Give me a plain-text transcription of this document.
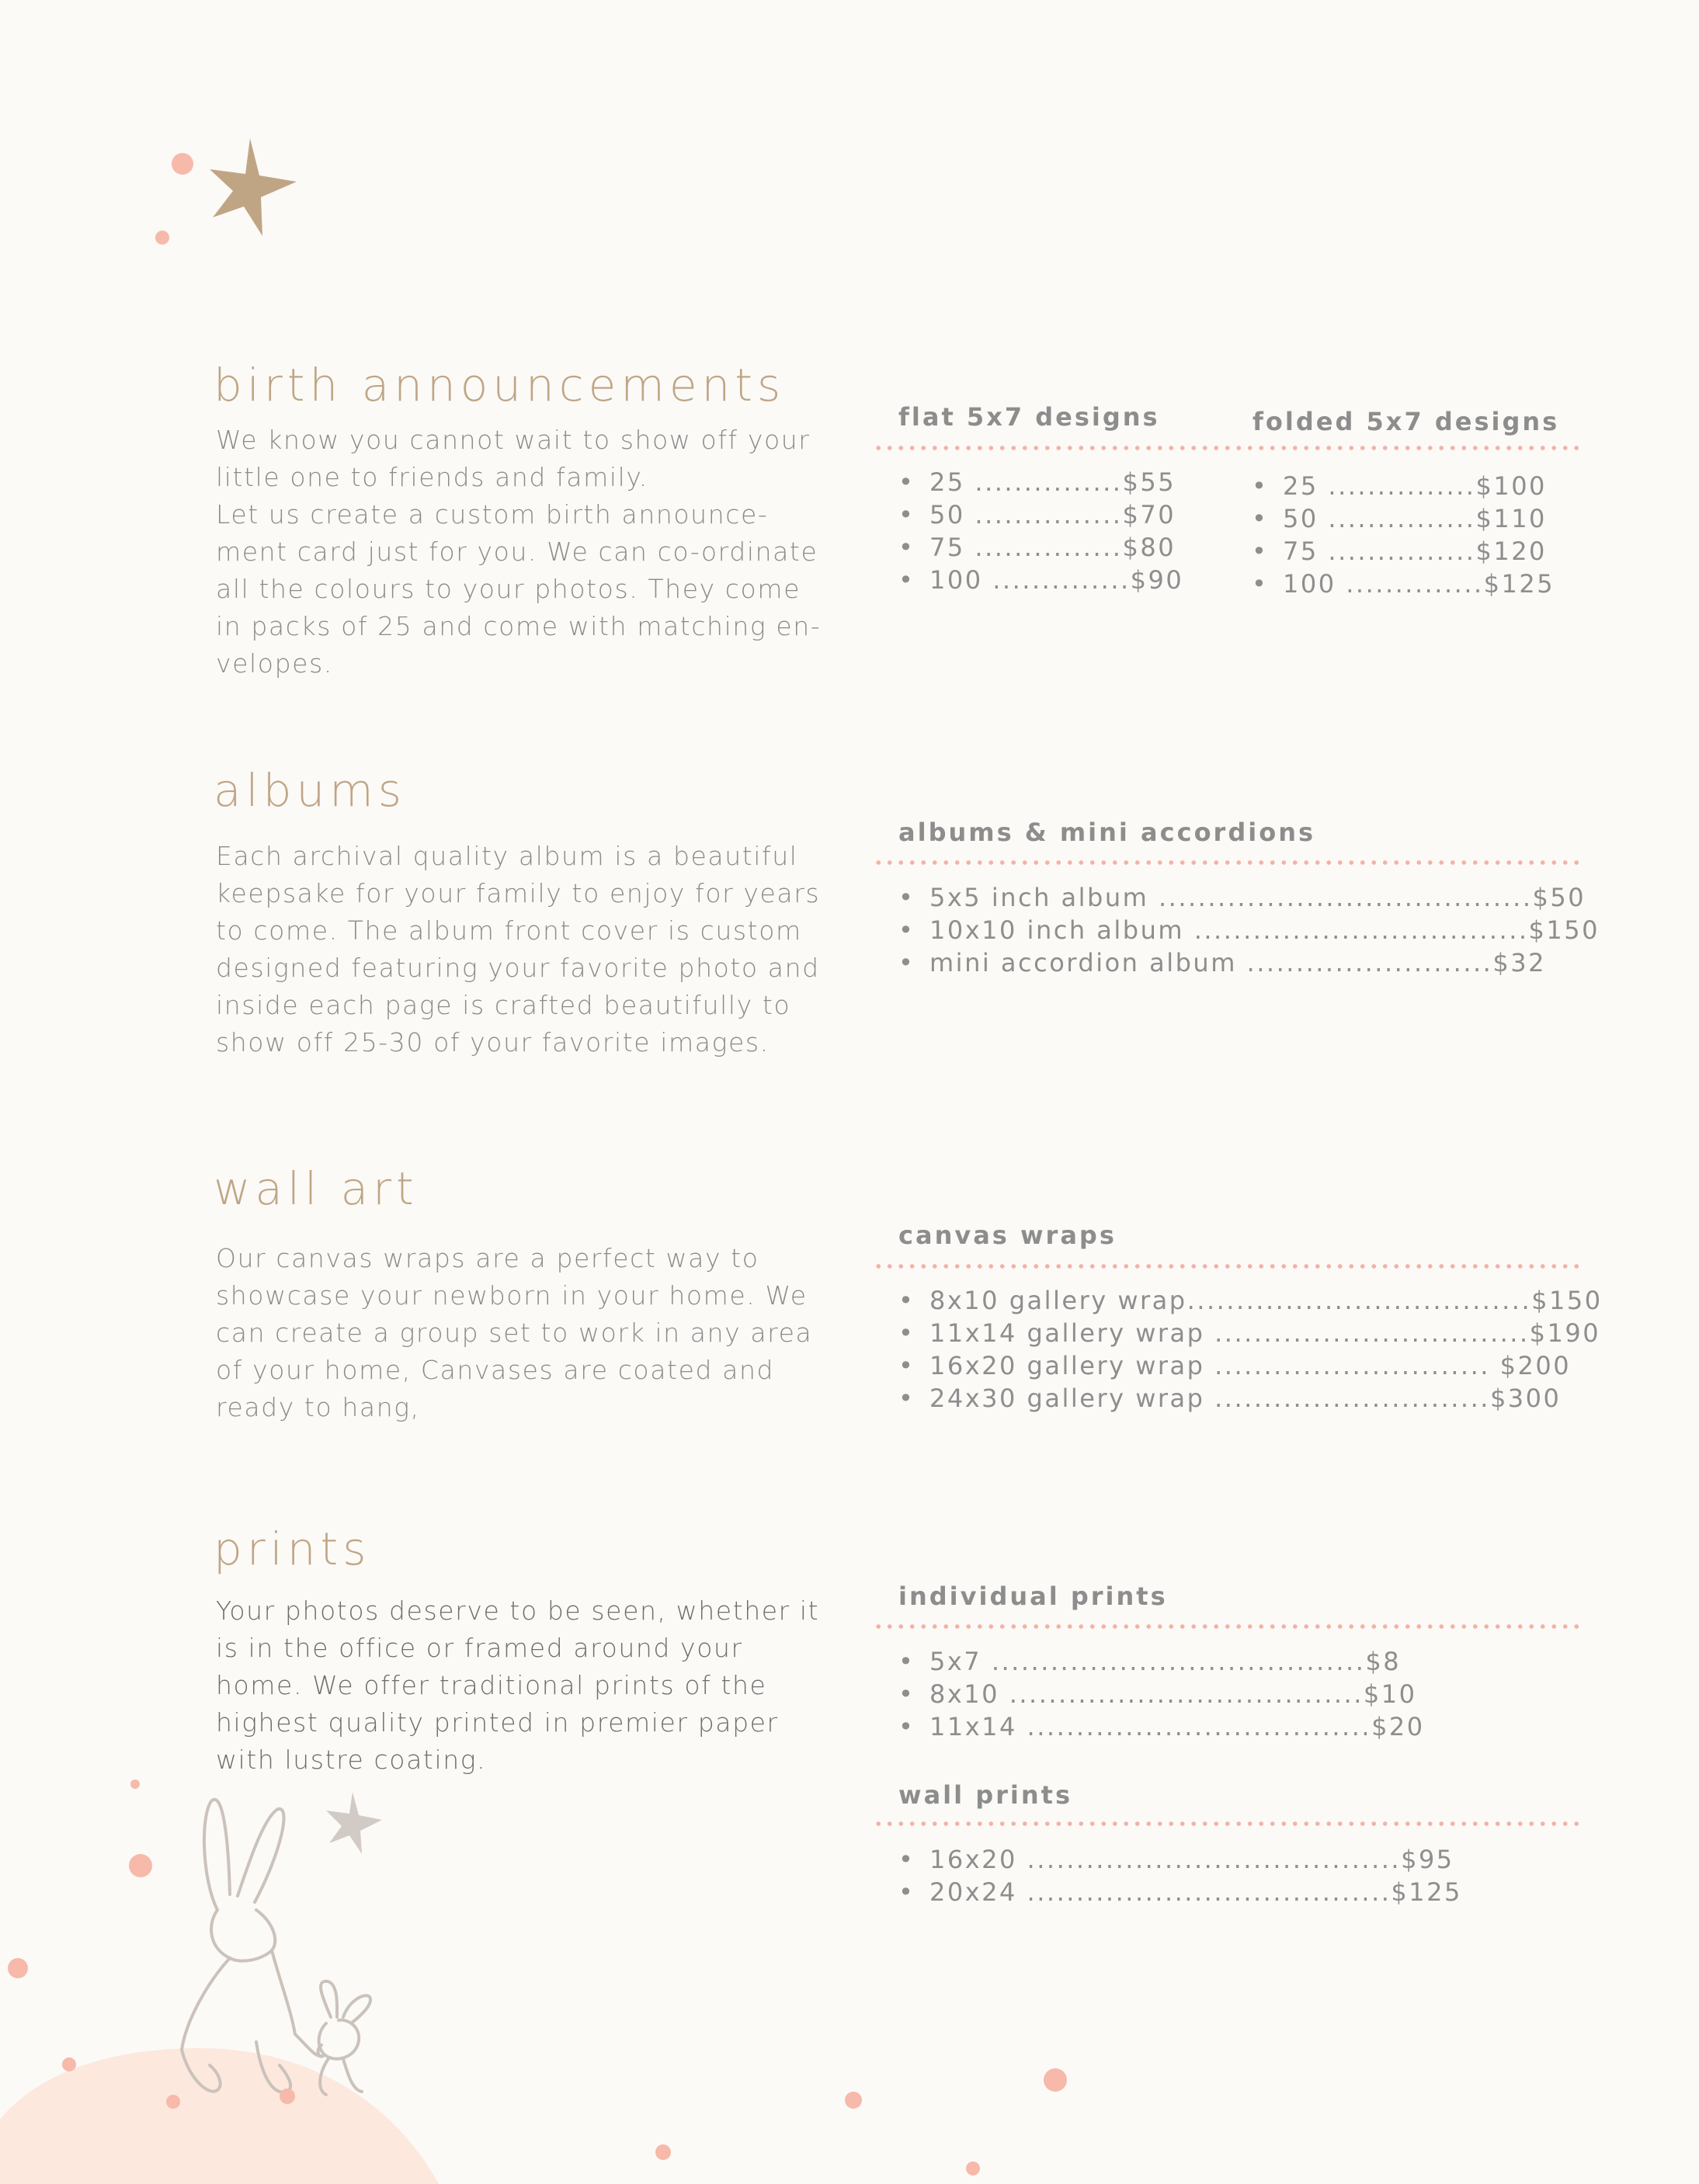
birth announcements

We know you cannot wait to show off your

little one to friends and family.

Let us create a custom birth announce-

ment card just for you. We can co-ordinate

all the colours to your photos. They come

in packs of 25 and come with matching en-

velopes.

flat 5x7 designs	folded 5x7 designs
• 25 ...............$55
• 50 ...............$70
• 75 ...............$80
• 100 ..............$90
• 25 ...............$100
• 50 ...............$110
• 75 ...............$120
• 100 ..............$125
albums

Each archival quality album is a beautiful

keepsake for your family to enjoy for years

to come. The album front cover is custom

designed featuring your favorite photo and

inside each page is crafted beautifully to

show off 25-30 of your favorite images.

albums & mini accordions
• 5x5 inch album ......................................$50
• 10x10 inch album ..................................$150
• mini accordion album .........................$32
wall art

Our canvas wraps are a perfect way to

showcase your newborn in your home. We

can create a group set to work in any area

of your home, Canvases are coated and

ready to hang,

canvas wraps
• 8x10 gallery wrap...................................$150
• 11x14 gallery wrap ................................$190
• 16x20 gallery wrap ............................ $200
• 24x30 gallery wrap ............................$300
prints

Your photos deserve to be seen, whether it

is in the office or framed around your

home. We offer traditional prints of the

highest quality printed in premier paper

with lustre coating.

individual prints
• 5x7 ......................................$8
• 8x10 ....................................$10
• 11x14 ...................................$20
wall prints
• 16x20 ......................................$95
• 20x24 .....................................$125
